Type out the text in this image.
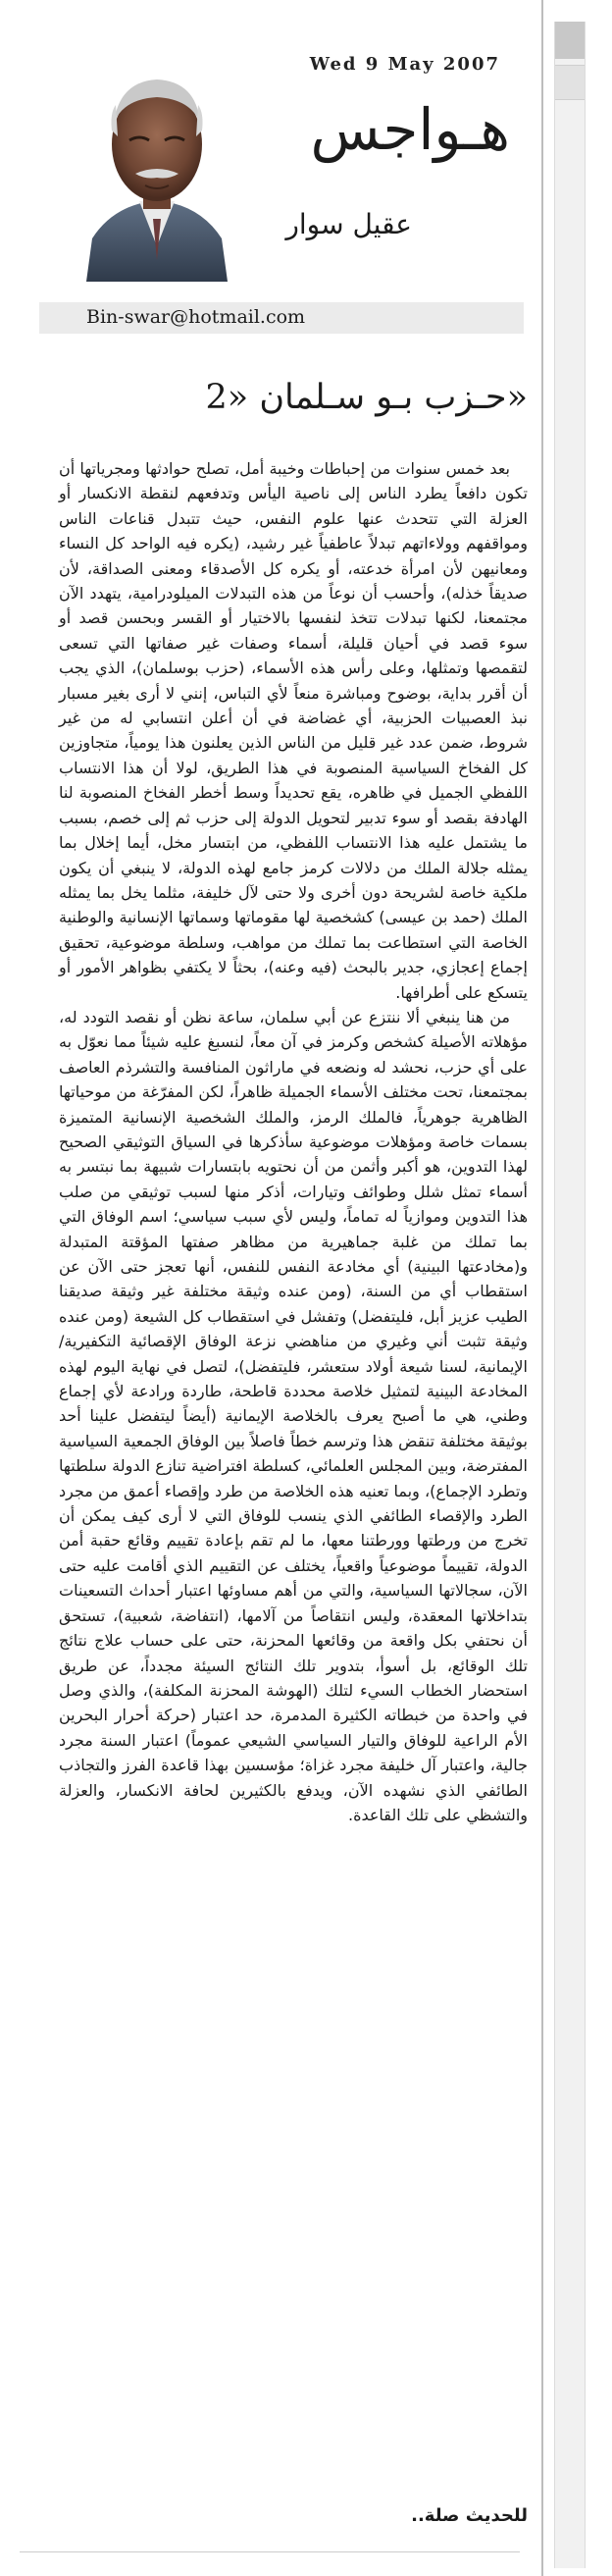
Wed 9 May 2007
هـواجس
عقيل سوار
Bin-swar@hotmail.com
حـزب بـو سـلمان «2»

بعد خمس سنوات من إحباطات وخيبة أمل، تصلح حوادثها ومجرياتها أن تكون دافعاً يطرد الناس إلى ناصية اليأس وتدفعهم لنقطة الانكسار أو العزلة التي تتحدث عنها علوم النفس، حيث تتبدل قناعات الناس ومواقفهم وولاءاتهم تبدلاً عاطفياً غير رشيد، (يكره فيه الواحد كل النساء ومعانيهن لأن امرأة خدعته، أو يكره كل الأصدقاء ومعنى الصداقة، لأن صديقاً خذله)، وأحسب أن نوعاً من هذه التبدلات الميلودرامية، يتهدد الآن مجتمعنا، لكنها تبدلات تتخذ لنفسها بالاختيار أو القسر وبحسن قصد أو سوء قصد في أحيان قليلة، أسماء وصفات غير صفاتها التي تسعى لتقمصها وتمثلها، وعلى رأس هذه الأسماء، (حزب بوسلمان)، الذي يجب أن أقرر بداية، بوضوح ومباشرة منعاً لأي التباس، إنني لا أرى بغير مسبار نبذ العصبيات الحزبية، أي غضاضة في أن أعلن انتسابي له من غير شروط، ضمن عدد غير قليل من الناس الذين يعلنون هذا يومياً، متجاوزين كل الفخاخ السياسية المنصوبة في هذا الطريق، لولا أن هذا الانتساب اللفظي الجميل في ظاهره، يقع تحديداً وسط أخطر الفخاخ المنصوبة لنا الهادفة بقصد أو سوء تدبير لتحويل الدولة إلى حزب ثم إلى خصم، بسبب ما يشتمل عليه هذا الانتساب اللفظي، من ابتسار مخل، أيما إخلال بما يمثله جلالة الملك من دلالات كرمز جامع لهذه الدولة، لا ينبغي أن يكون ملكية خاصة لشريحة دون أخرى ولا حتى لآل خليفة، مثلما يخل بما يمثله الملك (حمد بن عيسى) كشخصية لها مقوماتها وسماتها الإنسانية والوطنية الخاصة التي استطاعت بما تملك من مواهب، وسلطة موضوعية، تحقيق إجماع إعجازي، جدير بالبحث (فيه وعنه)، بحثاً لا يكتفي بظواهر الأمور أو يتسكع على أطرافها.

من هنا ينبغي ألا ننتزع عن أبي سلمان، ساعة نظن أو نقصد التودد له، مؤهلاته الأصيلة كشخص وكرمز في آن معاً، لنسبغ عليه شيئاً مما نعوّل به على أي حزب، نحشد له ونضعه في ماراثون المنافسة والتشرذم العاصف بمجتمعنا، تحت مختلف الأسماء الجميلة ظاهراً، لكن المفرّغة من موحياتها الظاهرية جوهرياً، فالملك الرمز، والملك الشخصية الإنسانية المتميزة بسمات خاصة ومؤهلات موضوعية سأذكرها في السياق التوثيقي الصحيح لهذا التدوين، هو أكبر وأثمن من أن نحتويه بابتسارات شبيهة بما نبتسر به أسماء تمثل شلل وطوائف وتيارات، أذكر منها لسبب توثيقي من صلب هذا التدوين وموازياً له تماماً، وليس لأي سبب سياسي؛ اسم الوفاق التي بما تملك من غلبة جماهيرية من مظاهر صفتها المؤقتة المتبدلة و(مخادعتها البينية) أي مخادعة النفس للنفس، أنها تعجز حتى الآن عن استقطاب أي من السنة، (ومن عنده وثيقة مختلفة غير وثيقة صديقنا الطيب عزيز أبل، فليتفضل) وتفشل في استقطاب كل الشيعة (ومن عنده وثيقة تثبت أني وغيري من مناهضي نزعة الوفاق الإقصائية التكفيرية/الإيمانية، لسنا شيعة أولاد ستعشر، فليتفضل)، لتصل في نهاية اليوم لهذه المخادعة البينية لتمثيل خلاصة محددة قاطحة، طاردة ورادعة لأي إجماع وطني، هي ما أصبح يعرف بالخلاصة الإيمانية (أيضاً ليتفضل علينا أحد بوثيقة مختلفة تنقض هذا وترسم خطاً فاصلاً بين الوفاق الجمعية السياسية المفترضة، وبين المجلس العلمائي، كسلطة افتراضية تنازع الدولة سلطتها وتطرد الإجماع)، وبما تعنيه هذه الخلاصة من طرد وإقصاء أعمق من مجرد الطرد والإقصاء الطائفي الذي ينسب للوفاق التي لا أرى كيف يمكن أن تخرج من ورطتها وورطتنا معها، ما لم تقم بإعادة تقييم وقائع حقبة أمن الدولة، تقييماً موضوعياً واقعياً، يختلف عن التقييم الذي أقامت عليه حتى الآن، سجالاتها السياسية، والتي من أهم مساوئها اعتبار أحداث التسعينات بتداخلاتها المعقدة، وليس انتقاصاً من آلامها، (انتفاضة، شعبية)، تستحق أن نحتفي بكل واقعة من وقائعها المحزنة، حتى على حساب علاج نتائج تلك الوقائع، بل أسوأ، بتدوير تلك النتائج السيئة مجدداً، عن طريق استحضار الخطاب السيء لتلك (الهوشة المحزنة المكلفة)، والذي وصل في واحدة من خبطاته الكثيرة المدمرة، حد اعتبار (حركة أحرار البحرين الأم الراعية للوفاق والتيار السياسي الشيعي عموماً) اعتبار السنة مجرد جالية، واعتبار آل خليفة مجرد غزاة؛ مؤسسين بهذا قاعدة الفرز والتجاذب الطائفي الذي نشهده الآن، ويدفع بالكثيرين لحافة الانكسار، والعزلة والتشظي على تلك القاعدة.

للحديث صلة..
